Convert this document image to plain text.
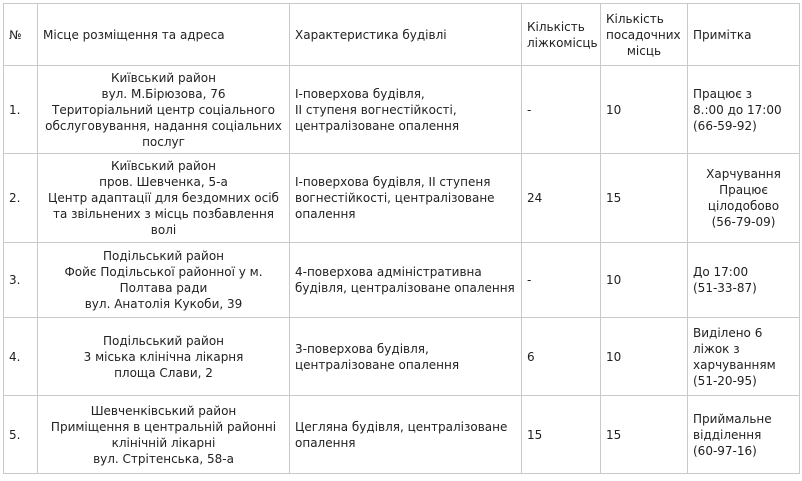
№	Місце розміщення та адреса	Характеристика будівлі	Кількість
ліжкомісць	Кількість
посадочних
місць	Примітка
1.	Київський район
вул. М.Бірюзова, 76
Територіальний центр соціального
обслуговування, надання соціальних
послуг	І-поверхова будівля,
ІІ ступеня вогнестійкості,
централізоване опалення	-	10	Працює з
8.:00 до 17:00
(66-59-92)

2.	Київський район
пров. Шевченка, 5-а
Центр адаптації для бездомних осіб
та звільнених з місць позбавлення
волі	І-поверхова будівля, ІІ ступеня
вогнестійкості, централізоване
опалення	24	15	Харчування
Працює
цілодобово
(56-79-09)

3.	Подільський район
Фойє Подільської районної у м.
Полтава ради
вул. Анатолія Кукоби, 39	4-поверхова адміністративна
будівля, централізоване опалення	-	10	До 17:00
(51-33-87)

4.	Подільський район
3 міська клінічна лікарня
площа Слави, 2	3-поверхова будівля,
централізоване опалення	6	10	Виділено 6
ліжок з
харчуванням
(51-20-95)

5.	Шевченківський район
Приміщення в центральній районні
клінічній лікарні
вул. Стрітенська, 58-а	Цегляна будівля, централізоване
опалення	15	15	Приймальне
відділення
(60-97-16)
